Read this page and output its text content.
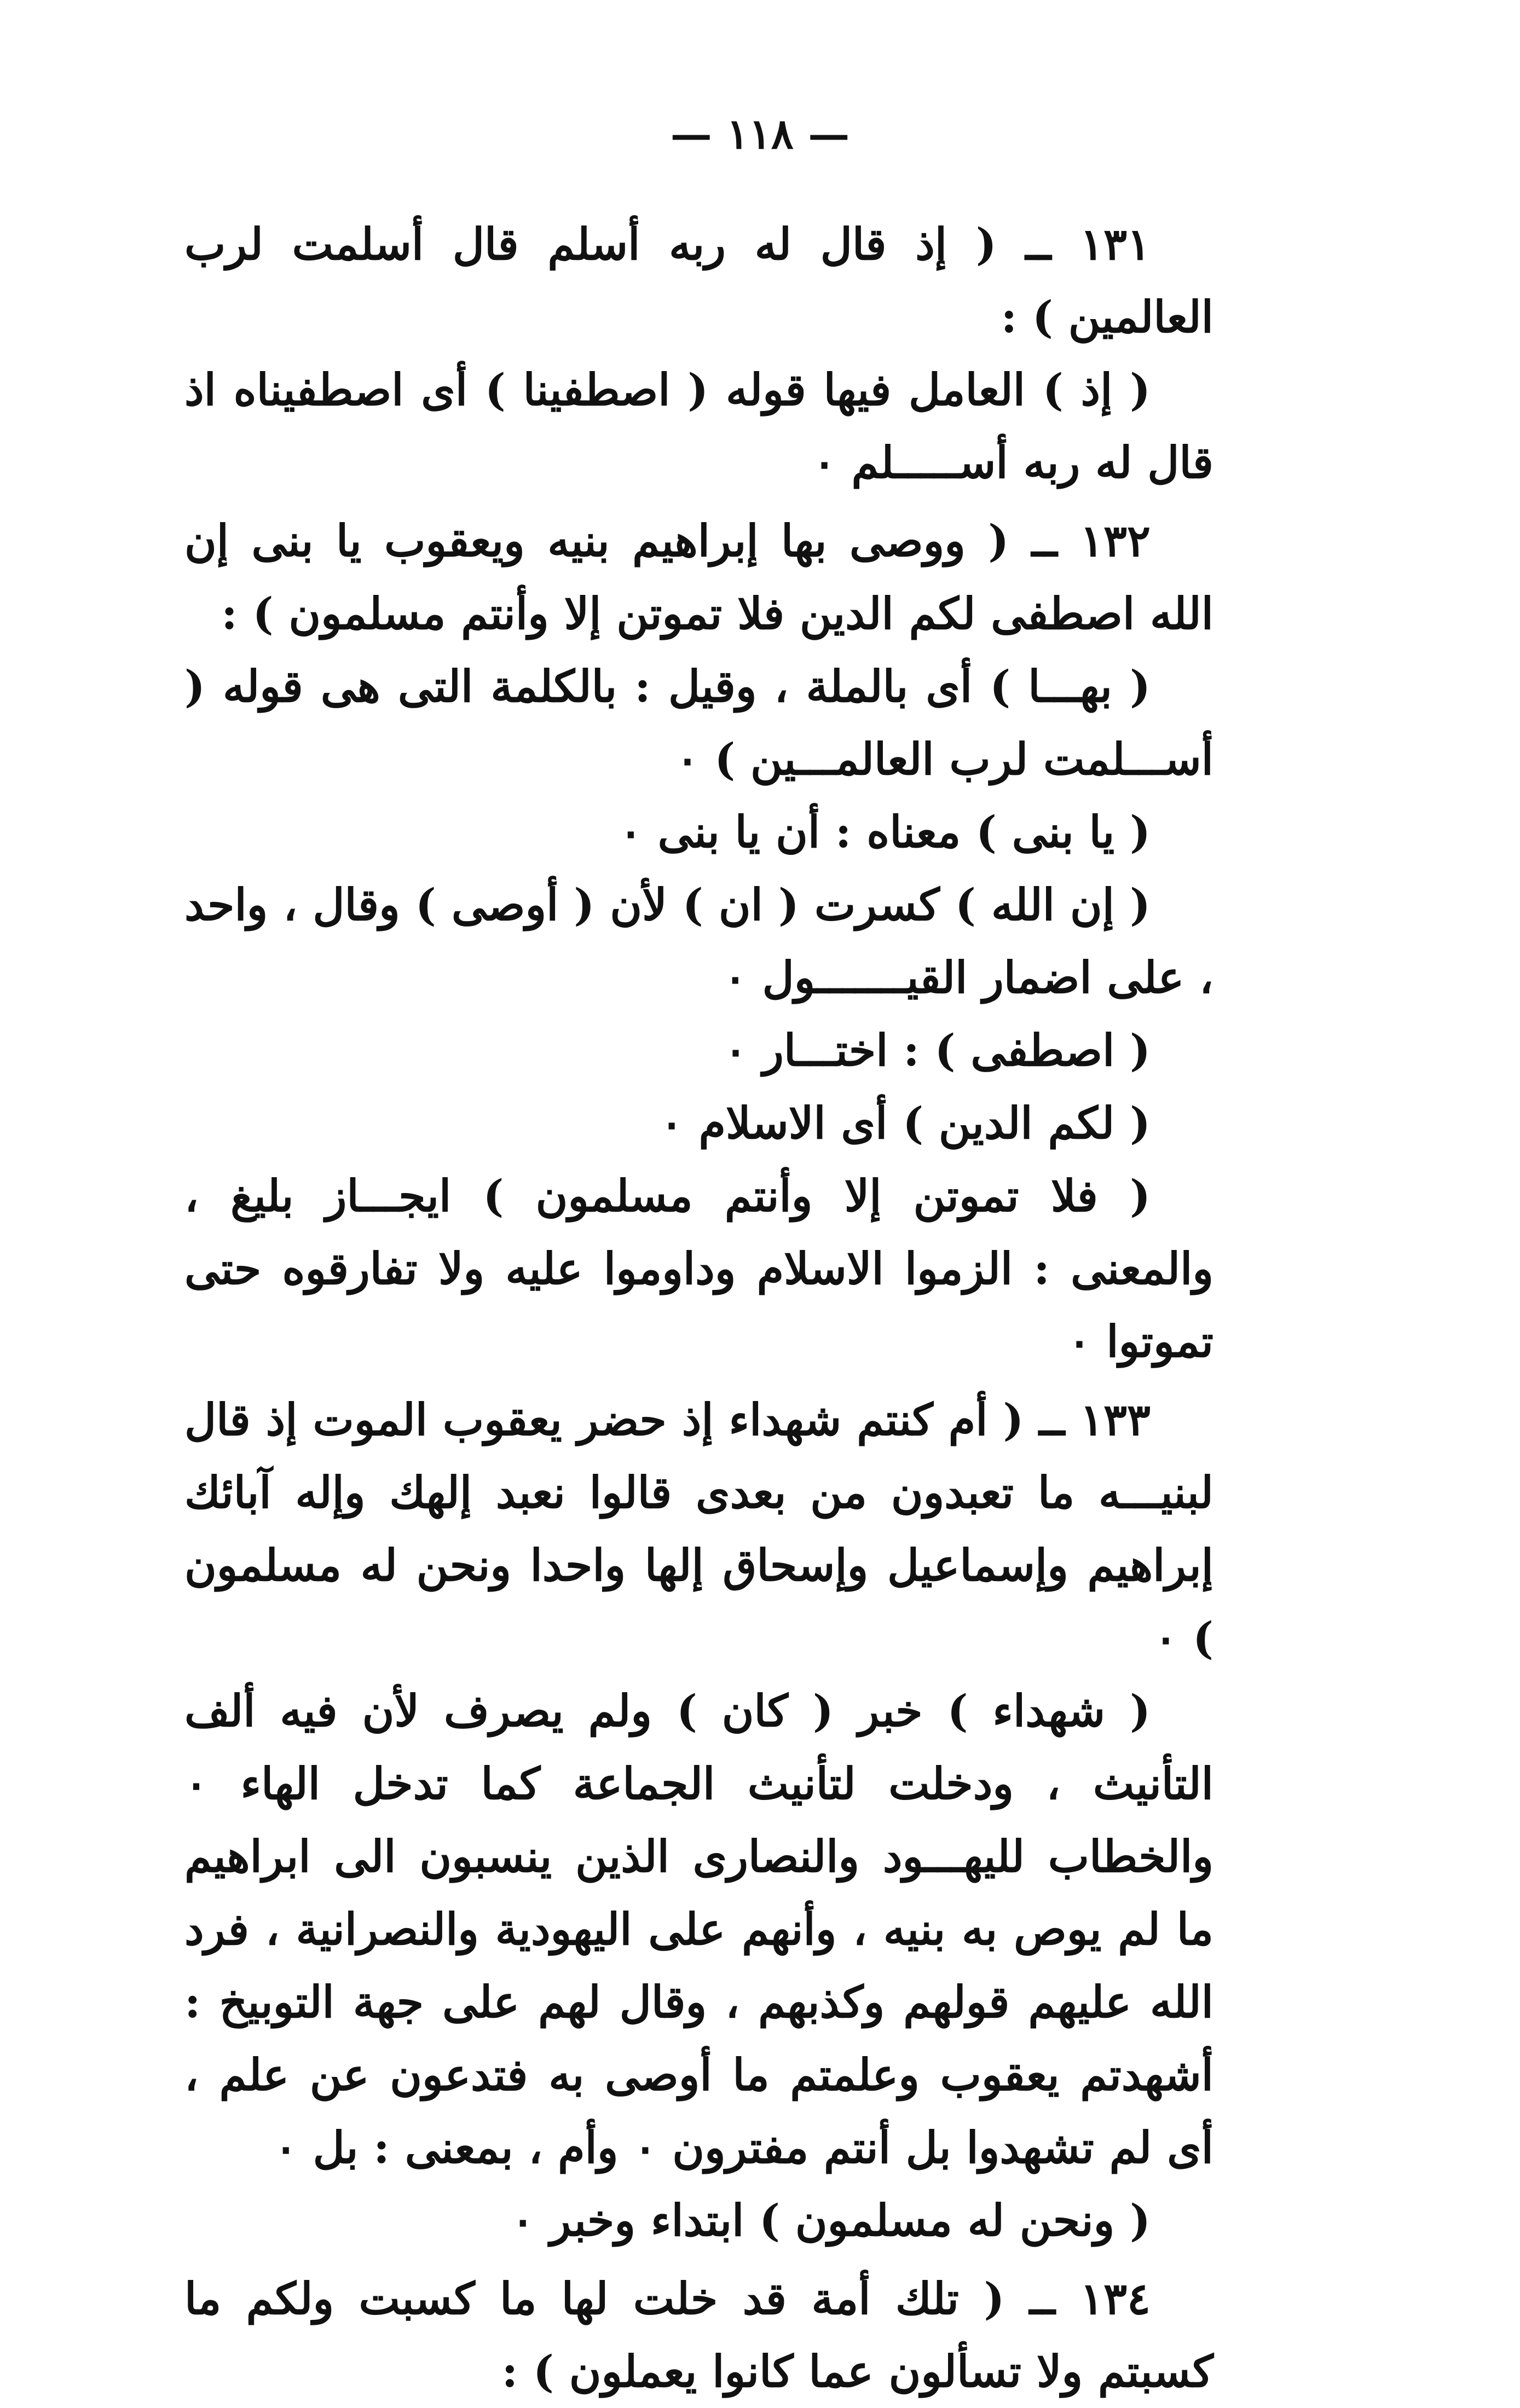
— ١١٨ —

١٣١ ــ ( إذ قال له ربه أسلم قال أسلمت لرب العالمين ) :

( إذ ) العامل فيها قوله ( اصطفينا ) أى اصطفيناه اذ قال له ربه أســـــلم ٠

١٣٢ ــ ( ووصى بها إبراهيم بنيه ويعقوب يا بنى إن الله اصطفى لكم الدين فلا تموتن إلا وأنتم مسلمون ) :

( بهـــا ) أى بالملة ، وقيل : بالكلمة التى هى قوله ( أســـلمت لرب العالمـــين ) ٠

( يا بنى ) معناه : أن يا بنى ٠

( إن الله ) كسرت ( ان ) لأن ( أوصى ) وقال ، واحد ، على اضمار القيـــــــول ٠

( اصطفى ) : اختـــار ٠

( لكم الدين ) أى الاسلام ٠

( فلا تموتن إلا وأنتم مسلمون ) ايجـــاز بليغ ، والمعنى : الزموا الاسلام وداوموا عليه ولا تفارقوه حتى تموتوا ٠

١٣٣ ــ ( أم كنتم شهداء إذ حضر يعقوب الموت إذ قال لبنيـــه ما تعبدون من بعدى قالوا نعبد إلهك وإله آبائك إبراهيم وإسماعيل وإسحاق إلها واحدا ونحن له مسلمون ) ٠

( شهداء ) خبر ( كان ) ولم يصرف لأن فيه ألف التأنيث ، ودخلت لتأنيث الجماعة كما تدخل الهاء ٠ والخطاب لليهـــود والنصارى الذين ينسبون الى ابراهيم ما لم يوص به بنيه ، وأنهم على اليهودية والنصرانية ، فرد الله عليهم قولهم وكذبهم ، وقال لهم على جهة التوبيخ : أشهدتم يعقوب وعلمتم ما أوصى به فتدعون عن علم ، أى لم تشهدوا بل أنتم مفترون ٠ وأم ، بمعنى : بل ٠

( ونحن له مسلمون ) ابتداء وخبر ٠

١٣٤ ــ ( تلك أمة قد خلت لها ما كسبت ولكم ما كسبتم ولا تسألون عما كانوا يعملون ) :
